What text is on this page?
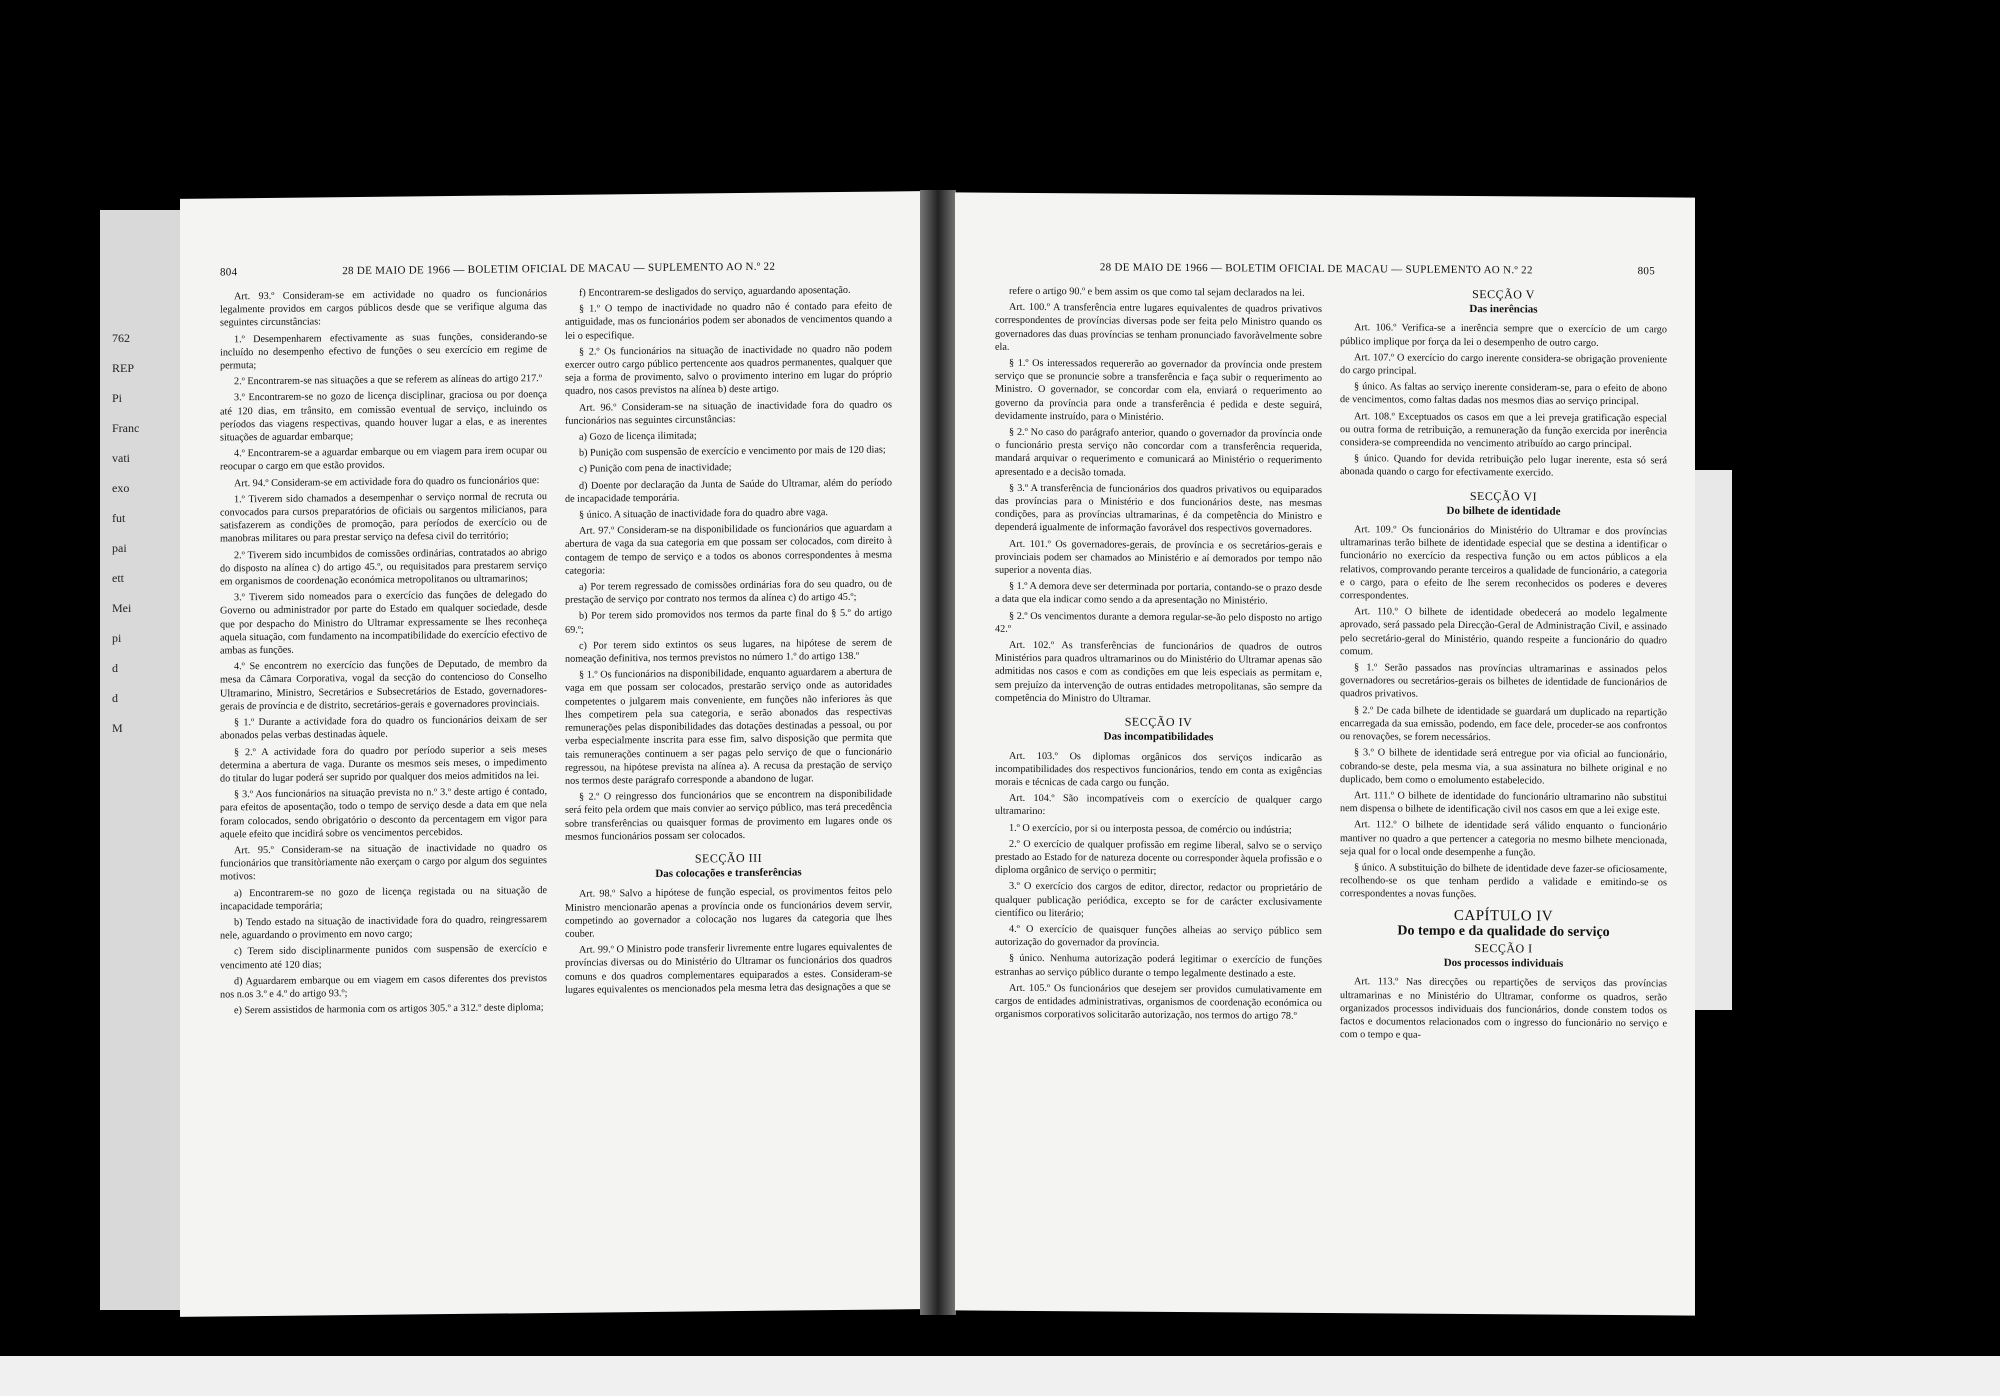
762
REP
Pi
Franc
vati
exo
fut
pai
ett
Mei
pi
d
d
M
804	28 DE MAIO DE 1966 — BOLETIM OFICIAL DE MACAU — SUPLEMENTO AO N.º 22

Art. 93.º Consideram-se em actividade no quadro os funcionários legalmente providos em cargos públicos desde que se verifique alguma das seguintes circunstâncias:

1.º Desempenharem efectivamente as suas funções, considerando-se incluído no desempenho efectivo de funções o seu exercício em regime de permuta;

2.º Encontrarem-se nas situações a que se referem as alíneas do artigo 217.º

3.º Encontrarem-se no gozo de licença disciplinar, graciosa ou por doença até 120 dias, em trânsito, em comissão eventual de serviço, incluindo os períodos das viagens respectivas, quando houver lugar a elas, e as inerentes situações de aguardar embarque;

4.º Encontrarem-se a aguardar embarque ou em viagem para irem ocupar ou reocupar o cargo em que estão providos.

Art. 94.º Consideram-se em actividade fora do quadro os funcionários que:

1.º Tiverem sido chamados a desempenhar o serviço normal de recruta ou convocados para cursos preparatórios de oficiais ou sargentos milicianos, para satisfazerem as condições de promoção, para períodos de exercício ou de manobras militares ou para prestar serviço na defesa civil do território;

2.º Tiverem sido incumbidos de comissões ordinárias, contratados ao abrigo do disposto na alínea c) do artigo 45.º, ou requisitados para prestarem serviço em organismos de coordenação económica metropolitanos ou ultramarinos;

3.º Tiverem sido nomeados para o exercício das funções de delegado do Governo ou administrador por parte do Estado em qualquer sociedade, desde que por despacho do Ministro do Ultramar expressamente se lhes reconheça aquela situação, com fundamento na incompatibilidade do exercício efectivo de ambas as funções.

4.º Se encontrem no exercício das funções de Deputado, de membro da mesa da Câmara Corporativa, vogal da secção do contencioso do Conselho Ultramarino, Ministro, Secretários e Subsecretários de Estado, governadores-gerais de província e de distrito, secretários-gerais e governadores provinciais.

§ 1.º Durante a actividade fora do quadro os funcionários deixam de ser abonados pelas verbas destinadas àquele.

§ 2.º A actividade fora do quadro por período superior a seis meses determina a abertura de vaga. Durante os mesmos seis meses, o impedimento do titular do lugar poderá ser suprido por qualquer dos meios admitidos na lei.

§ 3.º Aos funcionários na situação prevista no n.º 3.º deste artigo é contado, para efeitos de aposentação, todo o tempo de serviço desde a data em que nela foram colocados, sendo obrigatório o desconto da percentagem em vigor para aquele efeito que incidirá sobre os vencimentos percebidos.

Art. 95.º Consideram-se na situação de inactividade no quadro os funcionários que transitòriamente não exerçam o cargo por algum dos seguintes motivos:

a) Encontrarem-se no gozo de licença registada ou na situação de incapacidade temporária;

b) Tendo estado na situação de inactividade fora do quadro, reingressarem nele, aguardando o provimento em novo cargo;

c) Terem sido disciplinarmente punidos com suspensão de exercício e vencimento até 120 dias;

d) Aguardarem embarque ou em viagem em casos diferentes dos previstos nos n.os 3.º e 4.º do artigo 93.º;

e) Serem assistidos de harmonia com os artigos 305.º a 312.º deste diploma;

f) Encontrarem-se desligados do serviço, aguardando aposentação.

§ 1.º O tempo de inactividade no quadro não é contado para efeito de antiguidade, mas os funcionários podem ser abonados de vencimentos quando a lei o especifique.

§ 2.º Os funcionários na situação de inactividade no quadro não podem exercer outro cargo público pertencente aos quadros permanentes, qualquer que seja a forma de provimento, salvo o provimento interino em lugar do próprio quadro, nos casos previstos na alínea b) deste artigo.

Art. 96.º Consideram-se na situação de inactividade fora do quadro os funcionários nas seguintes circunstâncias:

a) Gozo de licença ilimitada;

b) Punição com suspensão de exercício e vencimento por mais de 120 dias;

c) Punição com pena de inactividade;

d) Doente por declaração da Junta de Saúde do Ultramar, além do período de incapacidade temporária.

§ único. A situação de inactividade fora do quadro abre vaga.

Art. 97.º Consideram-se na disponibilidade os funcionários que aguardam a abertura de vaga da sua categoria em que possam ser colocados, com direito à contagem de tempo de serviço e a todos os abonos correspondentes à mesma categoria:

a) Por terem regressado de comissões ordinárias fora do seu quadro, ou de prestação de serviço por contrato nos termos da alínea c) do artigo 45.º;

b) Por terem sido promovidos nos termos da parte final do § 5.º do artigo 69.º;

c) Por terem sido extintos os seus lugares, na hipótese de serem de nomeação definitiva, nos termos previstos no número 1.º do artigo 138.º

§ 1.º Os funcionários na disponibilidade, enquanto aguardarem a abertura de vaga em que possam ser colocados, prestarão serviço onde as autoridades competentes o julgarem mais conveniente, em funções não inferiores às que lhes competirem pela sua categoria, e serão abonados das respectivas remunerações pelas disponibilidades das dotações destinadas a pessoal, ou por verba especialmente inscrita para esse fim, salvo disposição que permita que tais remunerações continuem a ser pagas pelo serviço de que o funcionário regressou, na hipótese prevista na alínea a). A recusa da prestação de serviço nos termos deste parágrafo corresponde a abandono de lugar.

§ 2.º O reingresso dos funcionários que se encontrem na disponibilidade será feito pela ordem que mais convier ao serviço público, mas terá precedência sobre transferências ou quaisquer formas de provimento em lugares onde os mesmos funcionários possam ser colocados.

SECÇÃO III
Das colocações e transferências

Art. 98.º Salvo a hipótese de função especial, os provimentos feitos pelo Ministro mencionarão apenas a província onde os funcionários devem servir, competindo ao governador a colocação nos lugares da categoria que lhes couber.

Art. 99.º O Ministro pode transferir livremente entre lugares equivalentes de províncias diversas ou do Ministério do Ultramar os funcionários dos quadros comuns e dos quadros complementares equiparados a estes. Consideram-se lugares equivalentes os mencionados pela mesma letra das designações a que se

28 DE MAIO DE 1966 — BOLETIM OFICIAL DE MACAU — SUPLEMENTO AO N.º 22	805

refere o artigo 90.º e bem assim os que como tal sejam declarados na lei.

Art. 100.º A transferência entre lugares equivalentes de quadros privativos correspondentes de províncias diversas pode ser feita pelo Ministro quando os governadores das duas províncias se tenham pronunciado favoràvelmente sobre ela.

§ 1.º Os interessados requererão ao governador da província onde prestem serviço que se pronuncie sobre a transferência e faça subir o requerimento ao Ministro. O governador, se concordar com ela, enviará o requerimento ao governo da província para onde a transferência é pedida e deste seguirá, devidamente instruído, para o Ministério.

§ 2.º No caso do parágrafo anterior, quando o governador da província onde o funcionário presta serviço não concordar com a transferência requerida, mandará arquivar o requerimento e comunicará ao Ministério o requerimento apresentado e a decisão tomada.

§ 3.º A transferência de funcionários dos quadros privativos ou equiparados das províncias para o Ministério e dos funcionários deste, nas mesmas condições, para as províncias ultramarinas, é da competência do Ministro e dependerá igualmente de informação favorável dos respectivos governadores.

Art. 101.º Os governadores-gerais, de província e os secretários-gerais e provinciais podem ser chamados ao Ministério e aí demorados por tempo não superior a noventa dias.

§ 1.º A demora deve ser determinada por portaria, contando-se o prazo desde a data que ela indicar como sendo a da apresentação no Ministério.

§ 2.º Os vencimentos durante a demora regular-se-ão pelo disposto no artigo 42.º

Art. 102.º As transferências de funcionários de quadros de outros Ministérios para quadros ultramarinos ou do Ministério do Ultramar apenas são admitidas nos casos e com as condições em que leis especiais as permitam e, sem prejuízo da intervenção de outras entidades metropolitanas, são sempre da competência do Ministro do Ultramar.

SECÇÃO IV
Das incompatibilidades

Art. 103.º Os diplomas orgânicos dos serviços indicarão as incompatibilidades dos respectivos funcionários, tendo em conta as exigências morais e técnicas de cada cargo ou função.

Art. 104.º São incompatíveis com o exercício de qualquer cargo ultramarino:

1.º O exercício, por si ou interposta pessoa, de comércio ou indústria;

2.º O exercício de qualquer profissão em regime liberal, salvo se o serviço prestado ao Estado for de natureza docente ou corresponder àquela profissão e o diploma orgânico de serviço o permitir;

3.º O exercício dos cargos de editor, director, redactor ou proprietário de qualquer publicação periódica, excepto se for de carácter exclusivamente científico ou literário;

4.º O exercício de quaisquer funções alheias ao serviço público sem autorização do governador da província.

§ único. Nenhuma autorização poderá legitimar o exercício de funções estranhas ao serviço público durante o tempo legalmente destinado a este.

Art. 105.º Os funcionários que desejem ser providos cumulativamente em cargos de entidades administrativas, organismos de coordenação económica ou organismos corporativos solicitarão autorização, nos termos do artigo 78.º

SECÇÃO V
Das inerências

Art. 106.º Verifica-se a inerência sempre que o exercício de um cargo público implique por força da lei o desempenho de outro cargo.

Art. 107.º O exercício do cargo inerente considera-se obrigação proveniente do cargo principal.

§ único. As faltas ao serviço inerente consideram-se, para o efeito de abono de vencimentos, como faltas dadas nos mesmos dias ao serviço principal.

Art. 108.º Exceptuados os casos em que a lei preveja gratificação especial ou outra forma de retribuição, a remuneração da função exercida por inerência considera-se compreendida no vencimento atribuído ao cargo principal.

§ único. Quando for devida retribuição pelo lugar inerente, esta só será abonada quando o cargo for efectivamente exercido.

SECÇÃO VI
Do bilhete de identidade

Art. 109.º Os funcionários do Ministério do Ultramar e dos províncias ultramarinas terão bilhete de identidade especial que se destina a identificar o funcionário no exercício da respectiva função ou em actos públicos a ela relativos, comprovando perante terceiros a qualidade de funcionário, a categoria e o cargo, para o efeito de lhe serem reconhecidos os poderes e deveres correspondentes.

Art. 110.º O bilhete de identidade obedecerá ao modelo legalmente aprovado, será passado pela Direcção-Geral de Administração Civil, e assinado pelo secretário-geral do Ministério, quando respeite a funcionário do quadro comum.

§ 1.º Serão passados nas províncias ultramarinas e assinados pelos governadores ou secretários-gerais os bilhetes de identidade de funcionários de quadros privativos.

§ 2.º De cada bilhete de identidade se guardará um duplicado na repartição encarregada da sua emissão, podendo, em face dele, proceder-se aos confrontos ou renovações, se forem necessários.

§ 3.º O bilhete de identidade será entregue por via oficial ao funcionário, cobrando-se deste, pela mesma via, a sua assinatura no bilhete original e no duplicado, bem como o emolumento estabelecido.

Art. 111.º O bilhete de identidade do funcionário ultramarino não substitui nem dispensa o bilhete de identificação civil nos casos em que a lei exige este.

Art. 112.º O bilhete de identidade será válido enquanto o funcionário mantiver no quadro a que pertencer a categoria no mesmo bilhete mencionada, seja qual for o local onde desempenhe a função.

§ único. A substituição do bilhete de identidade deve fazer-se oficiosamente, recolhendo-se os que tenham perdido a validade e emitindo-se os correspondentes a novas funções.

CAPÍTULO IV
Do tempo e da qualidade do serviço
SECÇÃO I
Dos processos individuais

Art. 113.º Nas direcções ou repartições de serviços das províncias ultramarinas e no Ministério do Ultramar, conforme os quadros, serão organizados processos individuais dos funcionários, donde constem todos os factos e documentos relacionados com o ingresso do funcionário no serviço e com o tempo e qua-
